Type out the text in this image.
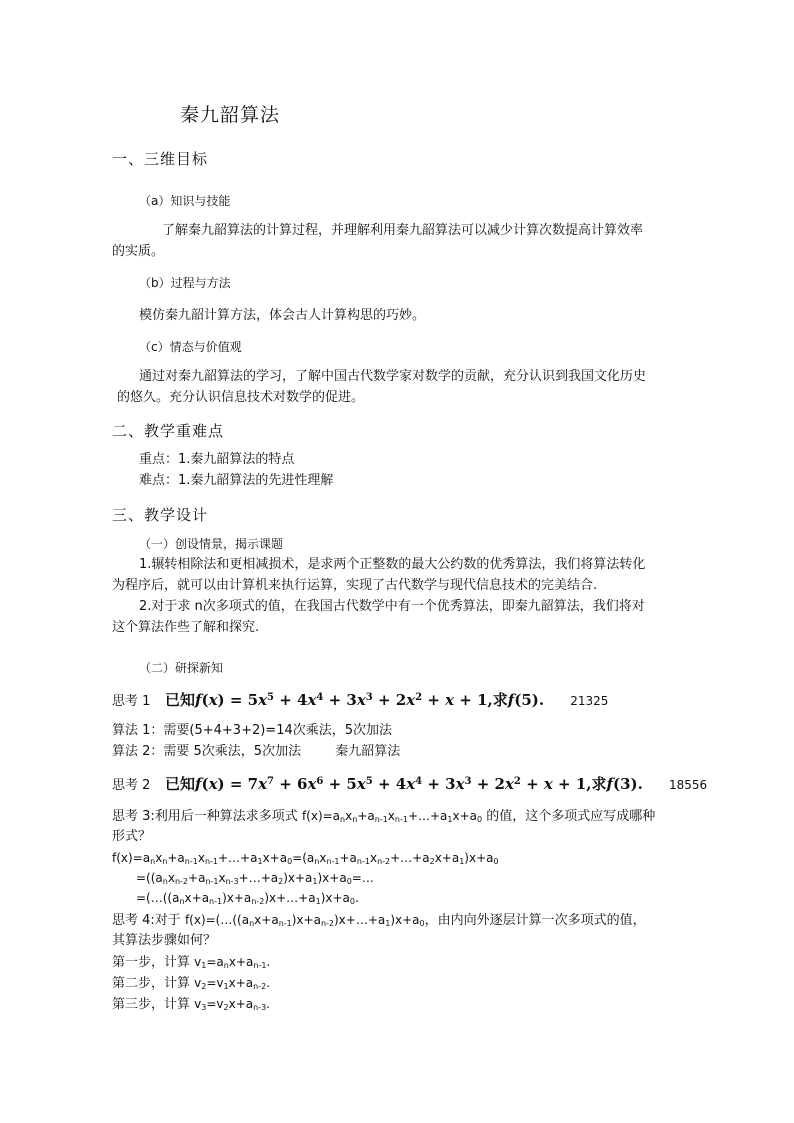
秦九韶算法
一、三维目标
（a）知识与技能
了解秦九韶算法的计算过程，并理解利用秦九韶算法可以减少计算次数提高计算效率
的实质。
（b）过程与方法
模仿秦九韶计算方法，体会古人计算构思的巧妙。
（c）情态与价值观
通过对秦九韶算法的学习，了解中国古代数学家对数学的贡献，充分认识到我国文化历史
的悠久。充分认识信息技术对数学的促进。
二、教学重难点
重点：1.秦九韶算法的特点
难点：1.秦九韶算法的先进性理解
三、教学设计
（一）创设情景，揭示课题
1.辗转相除法和更相减损术，是求两个正整数的最大公约数的优秀算法，我们将算法转化
为程序后，就可以由计算机来执行运算，实现了古代数学与现代信息技术的完美结合.
2.对于求 n次多项式的值，在我国古代数学中有一个优秀算法，即秦九韶算法，我们将对
这个算法作些了解和探究.
（二）研探新知
思考 1   已知$f(x) = 5x^5 + 4x^4 + 3x^3 + 2x^2 + x + 1$,求f(5). 21325
算法 1：需要(5+4+3+2)=14次乘法，5次加法
算法 2：需要 5次乘法，5次加法	秦九韶算法
思考 2   已知$f(x) = 7x^7 + 6x^6 + 5x^5 + 4x^4 + 3x^3 + 2x^2 + x + 1$,求f(3). 18556
思考 3:利用后一种算法求多项式 $f(x)=a_nx_n+a_{n-1}x_{n-1}+\dots+a_1x+a_0$ 的值，这个多项式应写成哪种
形式？
$f(x)=a_nx_n+a_{n-1}x_{n-1}+\dots+a_1x+a_0=(a_nx_{n-1}+a_{n-1}x_{n-2}+\dots+a_2x+a_1)x+a_0$
$=((a_nx_{n-2}+a_{n-1}x_{n-3}+\dots+a_2)x+a_1)x+a_0=\dots$
$=(\dots((a_nx+a_{n-1})x+a_{n-2})x+\dots+a_1)x+a_0$.
思考 4:对于 $f(x)=(\dots((a_nx+a_{n-1})x+a_{n-2})x+\dots+a_1)x+a_0$，由内向外逐层计算一次多项式的值，
其算法步骤如何？
第一步，计算 $v_1=a_nx+a_{n-1}$.
第二步，计算 $v_2=v_1x+a_{n-2}$.
第三步，计算 $v_3=v_2x+a_{n-3}$.
